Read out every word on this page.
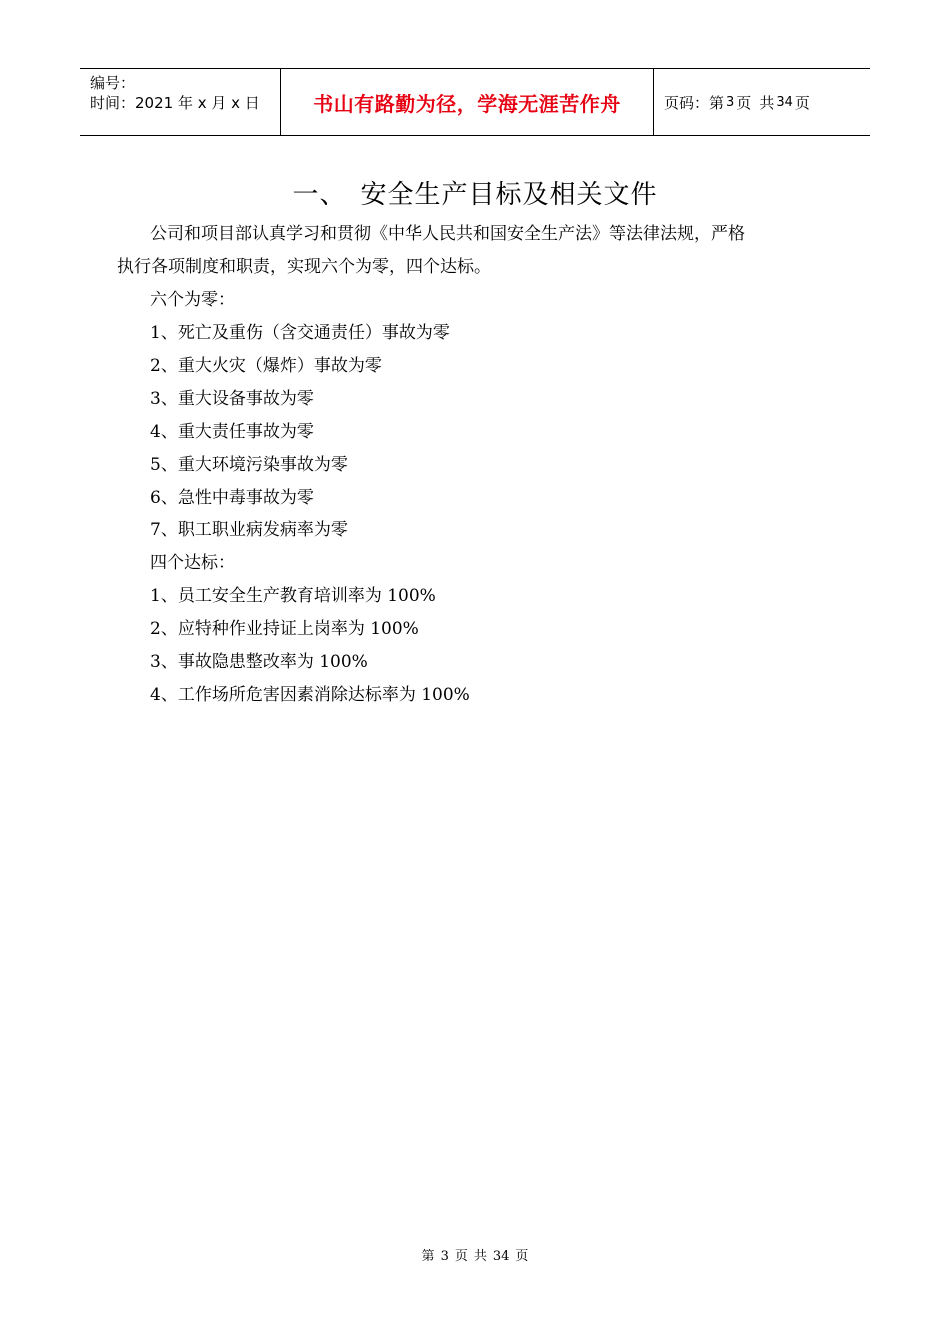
编号：
时间：2021 年 x 月 x 日	书山有路勤为径，学海无涯苦作舟	页码：第 3 页 共 34 页
一、 安全生产目标及相关文件
公司和项目部认真学习和贯彻《中华人民共和国安全生产法》等法律法规，严格
执行各项制度和职责，实现六个为零，四个达标。
六个为零：
1、死亡及重伤（含交通责任）事故为零
2、重大火灾（爆炸）事故为零
3、重大设备事故为零
4、重大责任事故为零
5、重大环境污染事故为零
6、急性中毒事故为零
7、职工职业病发病率为零
四个达标：
1、员工安全生产教育培训率为 100%
2、应特种作业持证上岗率为 100%
3、事故隐患整改率为 100%
4、工作场所危害因素消除达标率为 100%
第 3 页 共 34 页
